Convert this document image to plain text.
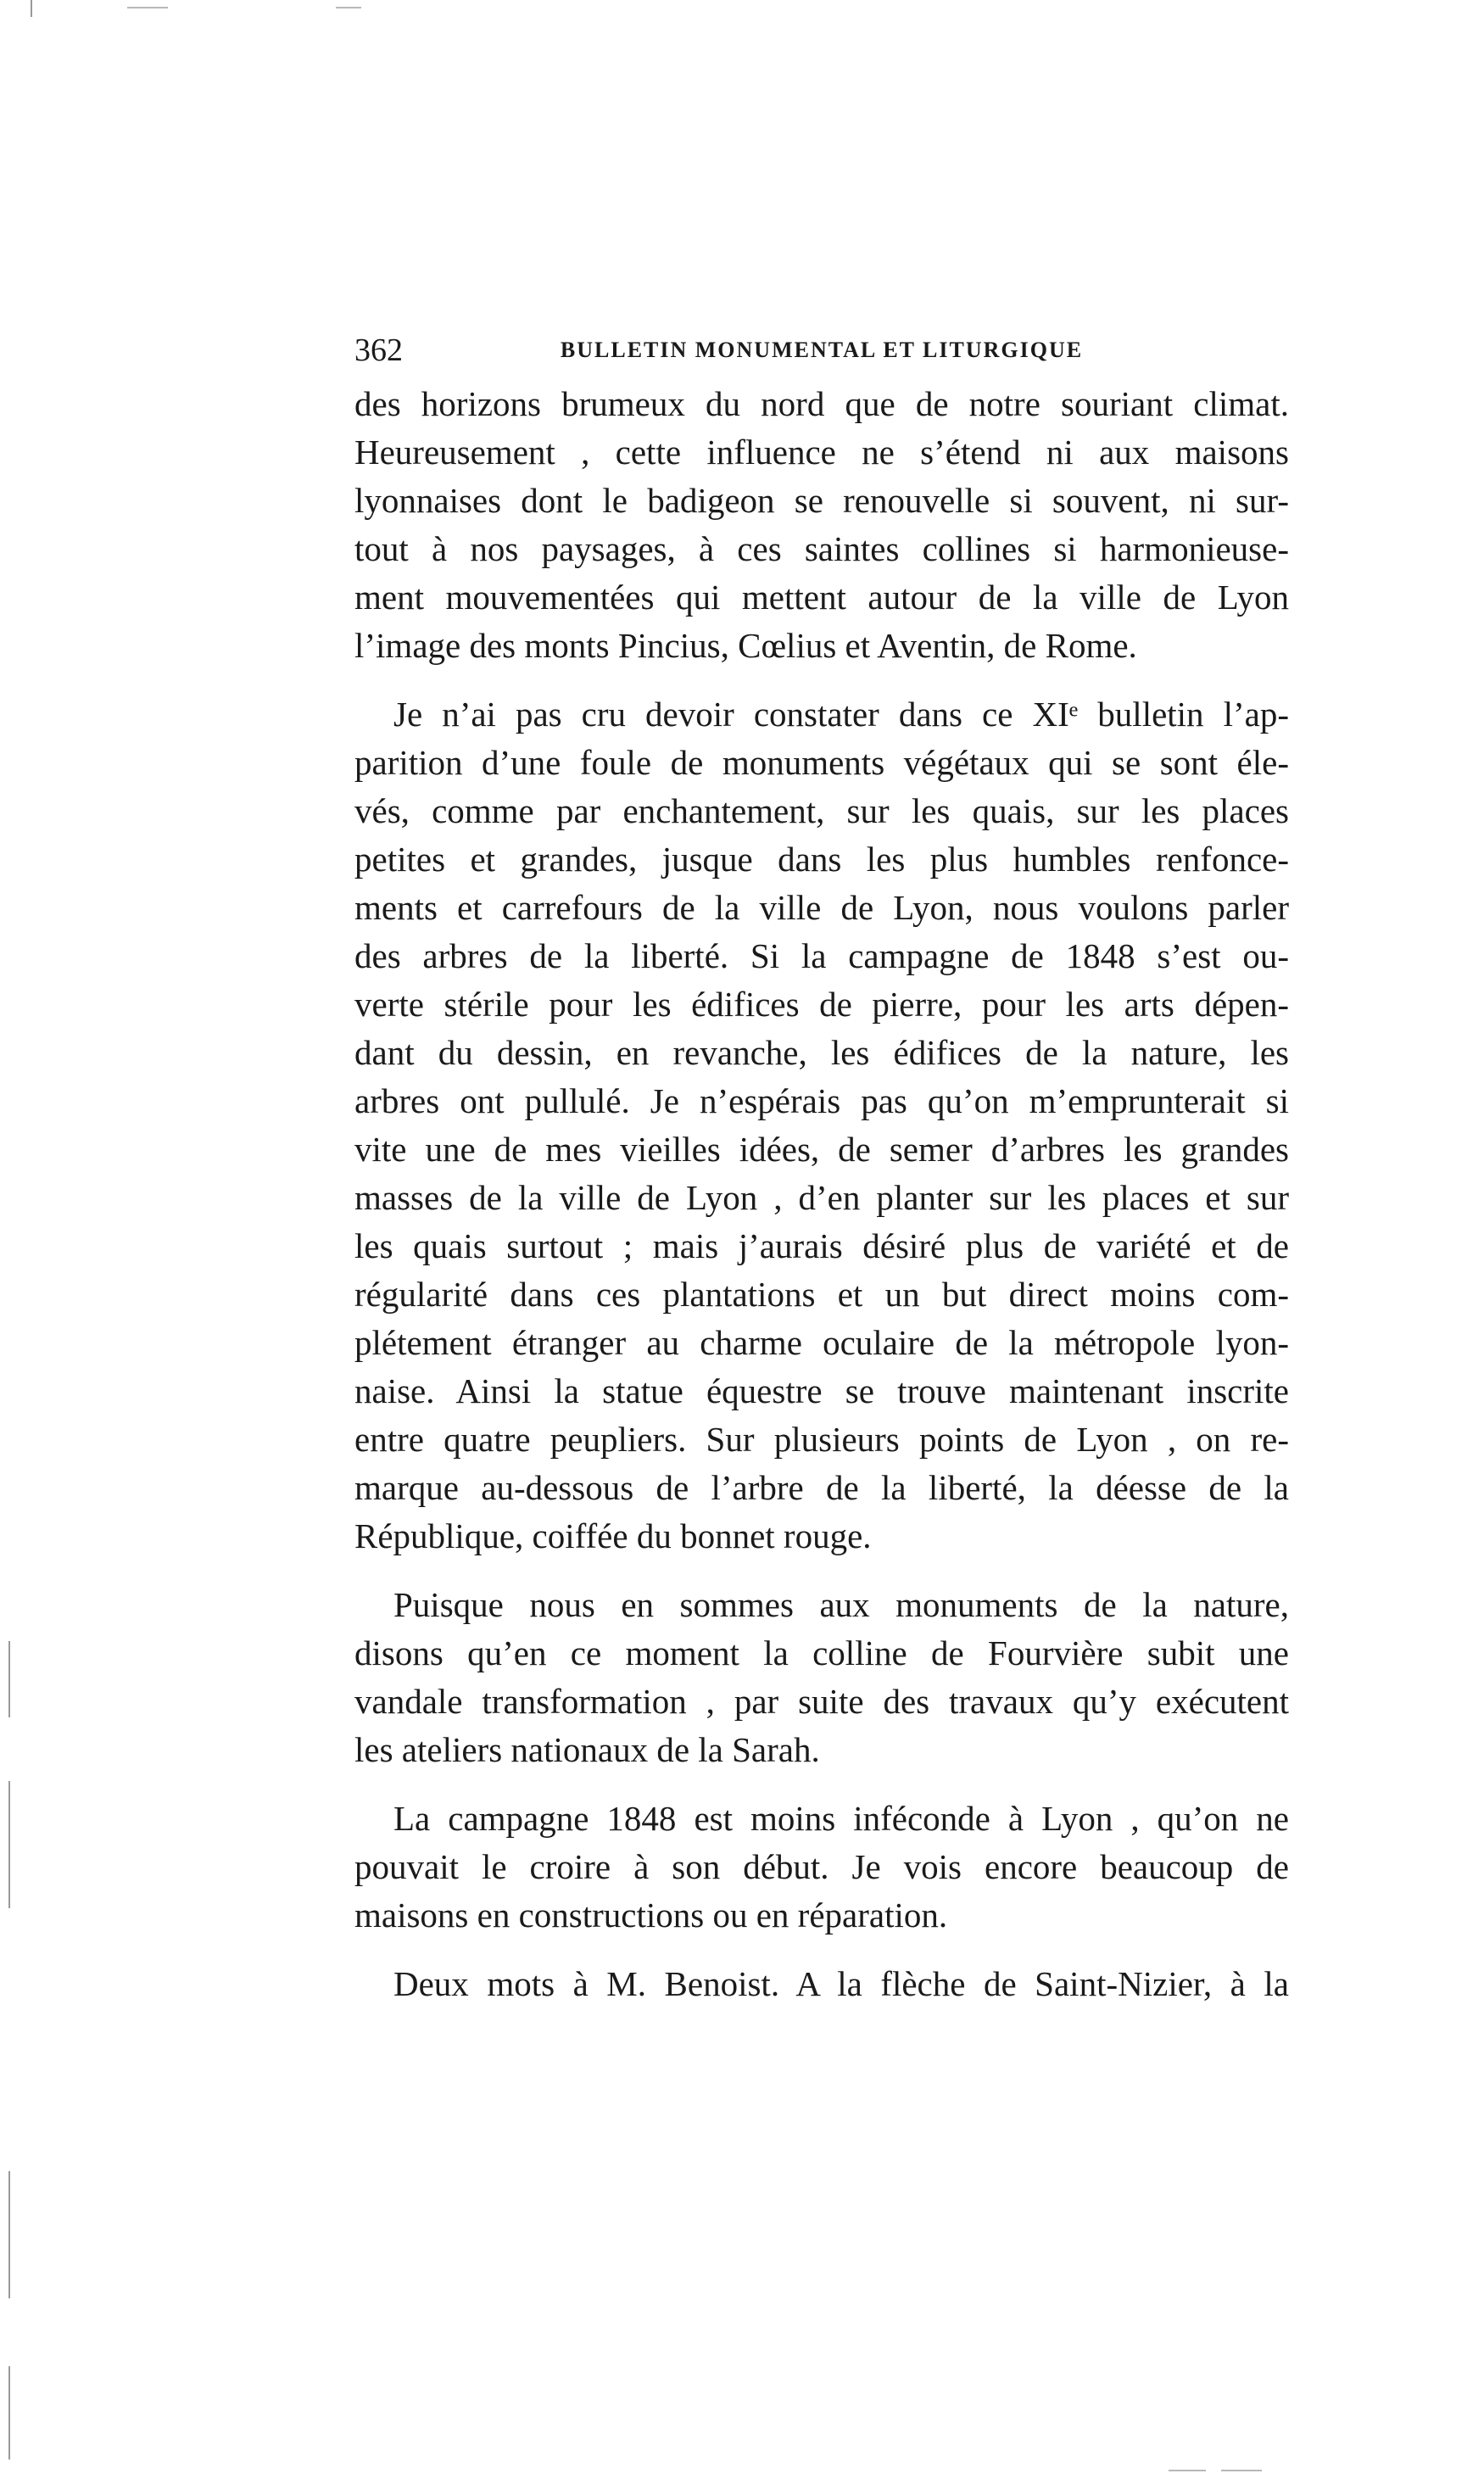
362	BULLETIN MONUMENTAL ET LITURGIQUE
des horizons brumeux du nord que de notre souriant climat.
Heureusement , cette influence ne s’étend ni aux maisons
lyonnaises dont le badigeon se renouvelle si souvent, ni sur-
tout à nos paysages, à ces saintes collines si harmonieuse-
ment mouvementées qui mettent autour de la ville de Lyon
l’image des monts Pincius, Cœlius et Aventin, de Rome.
Je n’ai pas cru devoir constater dans ce XIᵉ bulletin l’ap-
parition d’une foule de monuments végétaux qui se sont éle-
vés, comme par enchantement, sur les quais, sur les places
petites et grandes, jusque dans les plus humbles renfonce-
ments et carrefours de la ville de Lyon, nous voulons parler
des arbres de la liberté. Si la campagne de 1848 s’est ou-
verte stérile pour les édifices de pierre, pour les arts dépen-
dant du dessin, en revanche, les édifices de la nature, les
arbres ont pullulé. Je n’espérais pas qu’on m’emprunterait si
vite une de mes vieilles idées, de semer d’arbres les grandes
masses de la ville de Lyon , d’en planter sur les places et sur
les quais surtout ; mais j’aurais désiré plus de variété et de
régularité dans ces plantations et un but direct moins com-
plétement étranger au charme oculaire de la métropole lyon-
naise. Ainsi la statue équestre se trouve maintenant inscrite
entre quatre peupliers. Sur plusieurs points de Lyon , on re-
marque au-dessous de l’arbre de la liberté, la déesse de la
République, coiffée du bonnet rouge.
Puisque nous en sommes aux monuments de la nature,
disons qu’en ce moment la colline de Fourvière subit une
vandale transformation , par suite des travaux qu’y exécutent
les ateliers nationaux de la Sarah.
La campagne 1848 est moins inféconde à Lyon , qu’on ne
pouvait le croire à son début. Je vois encore beaucoup de
maisons en constructions ou en réparation.
Deux mots à M. Benoist. A la flèche de Saint-Nizier, à la
